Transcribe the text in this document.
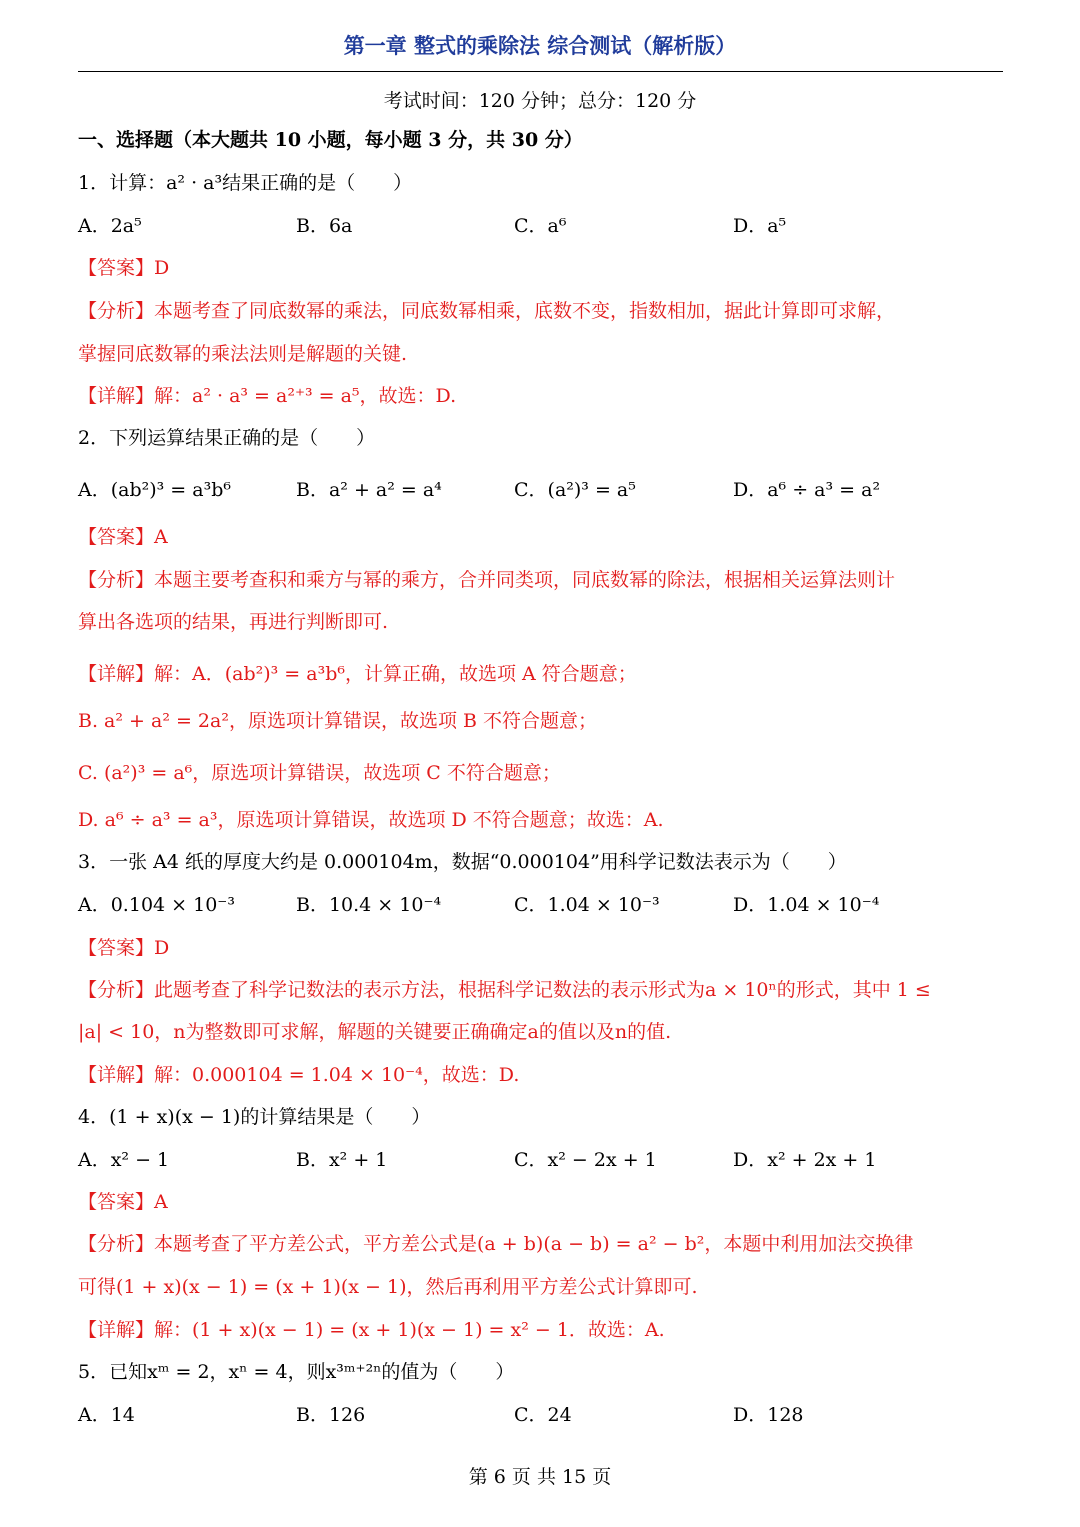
第一章 整式的乘除法 综合测试（解析版）
考试时间：120 分钟；总分：120 分
一、选择题（本大题共 10 小题，每小题 3 分，共 30 分）
1．计算：a² · a³结果正确的是（　　）
A．2a⁵	B．6a	C．a⁶	D．a⁵
【答案】D
【分析】本题考查了同底数幂的乘法，同底数幂相乘，底数不变，指数相加，据此计算即可求解，
掌握同底数幂的乘法法则是解题的关键.
【详解】解：a² · a³ = a²⁺³ = a⁵，故选：D.
2．下列运算结果正确的是（　　）
A．(ab²)³ = a³b⁶	B．a² + a² = a⁴	C．(a²)³ = a⁵	D．a⁶ ÷ a³ = a²
【答案】A
【分析】本题主要考查积和乘方与幂的乘方，合并同类项，同底数幂的除法，根据相关运算法则计
算出各选项的结果，再进行判断即可.
【详解】解：A．(ab²)³ = a³b⁶，计算正确，故选项 A 符合题意；
B. a² + a² = 2a²，原选项计算错误，故选项 B 不符合题意；
C. (a²)³ = a⁶，原选项计算错误，故选项 C 不符合题意；
D. a⁶ ÷ a³ = a³，原选项计算错误，故选项 D 不符合题意；故选：A.
3．一张 A4 纸的厚度大约是 0.000104m，数据“0.000104”用科学记数法表示为（　　）
A．0.104 × 10⁻³	B．10.4 × 10⁻⁴	C．1.04 × 10⁻³	D．1.04 × 10⁻⁴
【答案】D
【分析】此题考查了科学记数法的表示方法，根据科学记数法的表示形式为a × 10ⁿ的形式，其中 1 ≤
|a| < 10，n为整数即可求解，解题的关键要正确确定a的值以及n的值.
【详解】解：0.000104 = 1.04 × 10⁻⁴，故选：D.
4．(1 + x)(x − 1)的计算结果是（　　）
A．x² − 1	B．x² + 1	C．x² − 2x + 1	D．x² + 2x + 1
【答案】A
【分析】本题考查了平方差公式，平方差公式是(a + b)(a − b) = a² − b²，本题中利用加法交换律
可得(1 + x)(x − 1) = (x + 1)(x − 1)，然后再利用平方差公式计算即可.
【详解】解：(1 + x)(x − 1) = (x + 1)(x − 1) = x² − 1．故选：A.
5．已知xᵐ = 2，xⁿ = 4，则x³ᵐ⁺²ⁿ的值为（　　）
A．14	B．126	C．24	D．128
第 6 页 共 15 页
